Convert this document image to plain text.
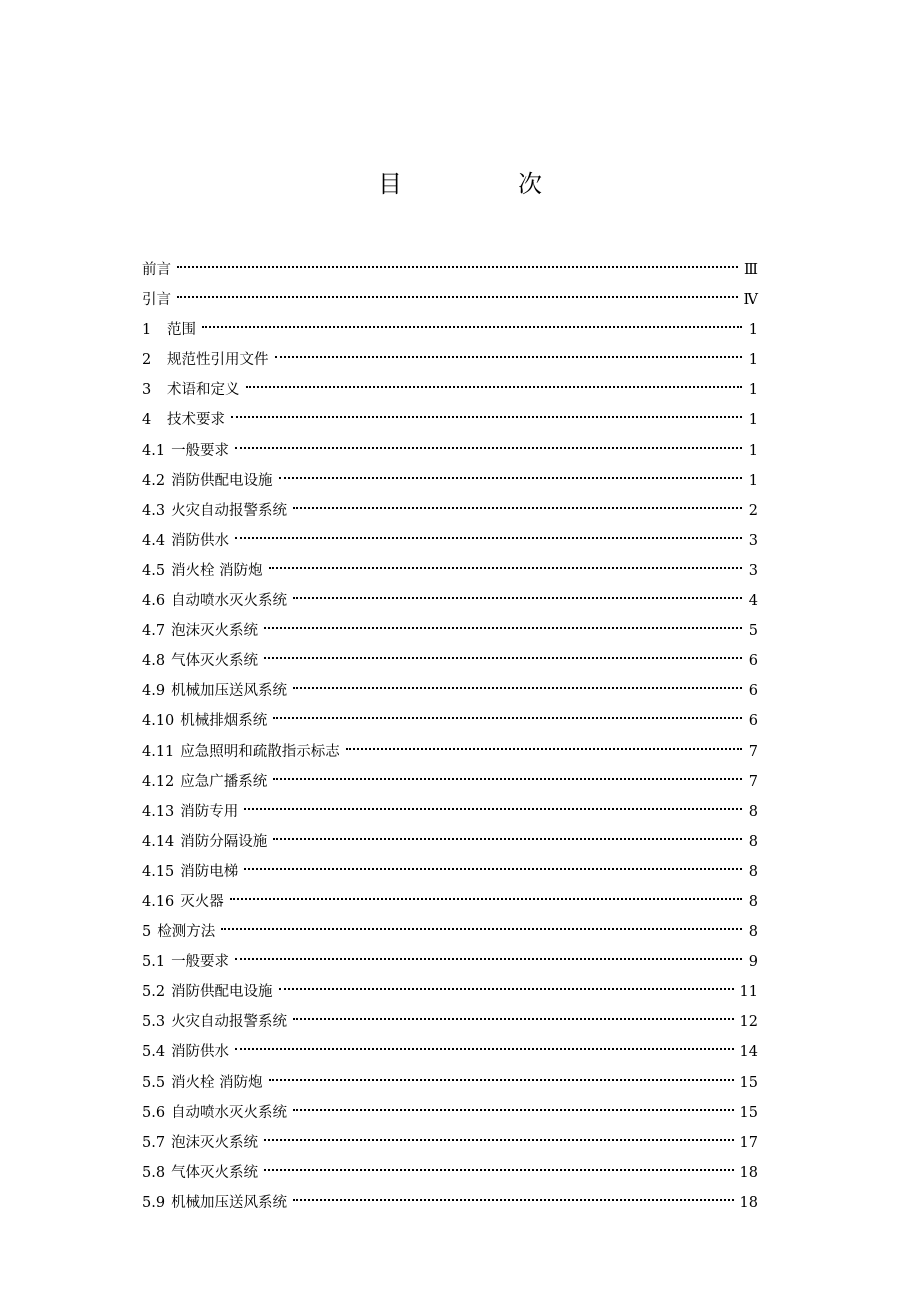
目　次
前言	Ⅲ
引言	Ⅳ
1	范围	1
2	规范性引用文件	1
3	术语和定义	1
4	技术要求	1
4.1 一般要求	1
4.2 消防供配电设施	1
4.3 火灾自动报警系统	2
4.4 消防供水	3
4.5 消火栓 消防炮	3
4.6 自动喷水灭火系统	4
4.7 泡沫灭火系统	5
4.8 气体灭火系统	6
4.9 机械加压送风系统	6
4.10 机械排烟系统	6
4.11 应急照明和疏散指示标志	7
4.12 应急广播系统	7
4.13 消防专用	8
4.14 消防分隔设施	8
4.15 消防电梯	8
4.16 灭火器	8
5 检测方法	8
5.1 一般要求	9
5.2 消防供配电设施	11
5.3 火灾自动报警系统	12
5.4 消防供水	14
5.5 消火栓 消防炮	15
5.6 自动喷水灭火系统	15
5.7 泡沫灭火系统	17
5.8 气体灭火系统	18
5.9 机械加压送风系统	18
